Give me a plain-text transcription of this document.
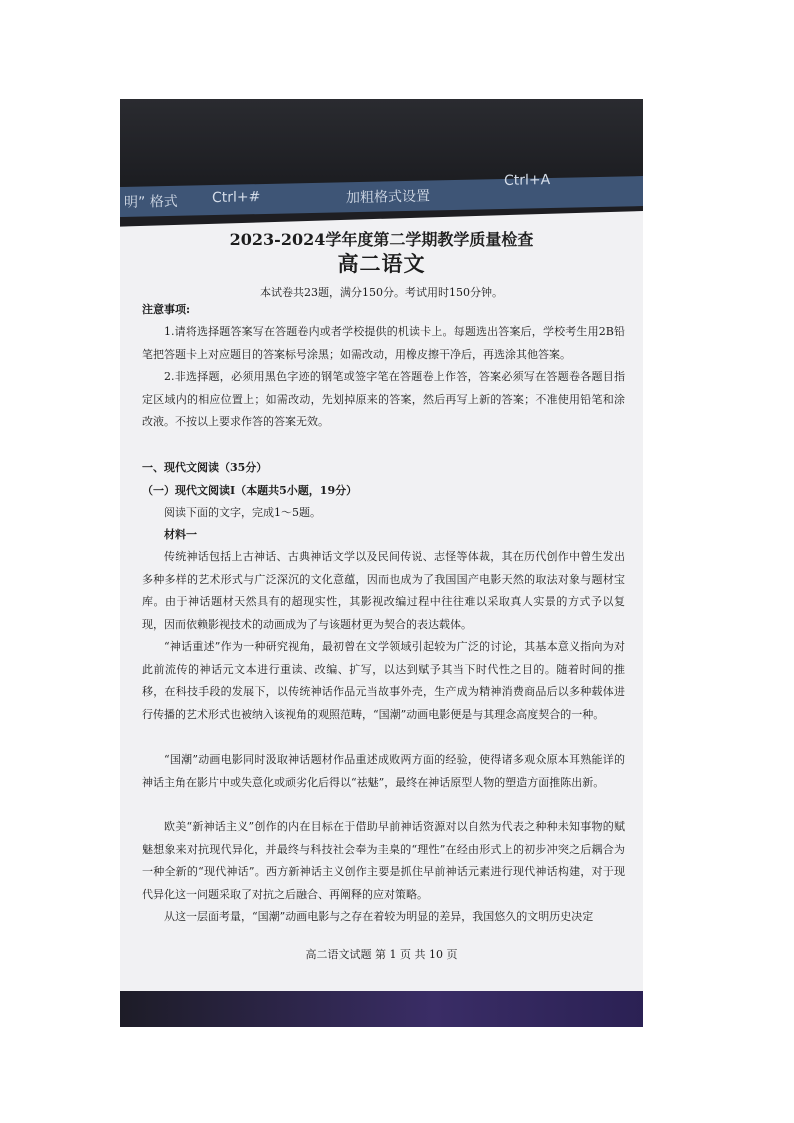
明” 格式 Ctrl+#	加粗格式设置
Ctrl+A
2023-2024学年度第二学期教学质量检查
高二语文
本试卷共23题，满分150分。考试用时150分钟。
注意事项:
1.请将选择题答案写在答题卷内或者学校提供的机读卡上。每题选出答案后，学校考生用2B铅笔把答题卡上对应题目的答案标号涂黑；如需改动，用橡皮擦干净后，再选涂其他答案。
2.非选择题，必须用黑色字迹的钢笔或签字笔在答题卷上作答，答案必须写在答题卷各题目指定区域内的相应位置上；如需改动，先划掉原来的答案，然后再写上新的答案；不准使用铅笔和涂改液。不按以上要求作答的答案无效。
一、现代文阅读（35分）
（一）现代文阅读Ⅰ（本题共5小题，19分）
阅读下面的文字，完成1～5题。
材料一
传统神话包括上古神话、古典神话文学以及民间传说、志怪等体裁，其在历代创作中曾生发出多种多样的艺术形式与广泛深沉的文化意蕴，因而也成为了我国国产电影天然的取法对象与题材宝库。由于神话题材天然具有的超现实性，其影视改编过程中往往难以采取真人实景的方式予以复现，因而依赖影视技术的动画成为了与该题材更为契合的表达载体。
“神话重述”作为一种研究视角，最初曾在文学领域引起较为广泛的讨论，其基本意义指向为对此前流传的神话元文本进行重读、改编、扩写，以达到赋予其当下时代性之目的。随着时间的推移，在科技手段的发展下，以传统神话作品元当故事外壳，生产成为精神消费商品后以多种载体进行传播的艺术形式也被纳入该视角的观照范畴，“国潮”动画电影便是与其理念高度契合的一种。
“国潮”动画电影同时汲取神话题材作品重述成败两方面的经验，使得诸多观众原本耳熟能详的神话主角在影片中或失意化或顽劣化后得以“祛魅”，最终在神话原型人物的塑造方面推陈出新。
欧美“新神话主义”创作的内在目标在于借助早前神话资源对以自然为代表之种种未知事物的赋魅想象来对抗现代异化，并最终与科技社会奉为圭臬的“理性”在经由形式上的初步冲突之后耦合为一种全新的“现代神话”。西方新神话主义创作主要是抓住早前神话元素进行现代神话构建，对于现代异化这一问题采取了对抗之后融合、再阐释的应对策略。
从这一层面考量，“国潮”动画电影与之存在着较为明显的差异，我国悠久的文明历史决定
高二语文试题 第 1 页 共 10 页
